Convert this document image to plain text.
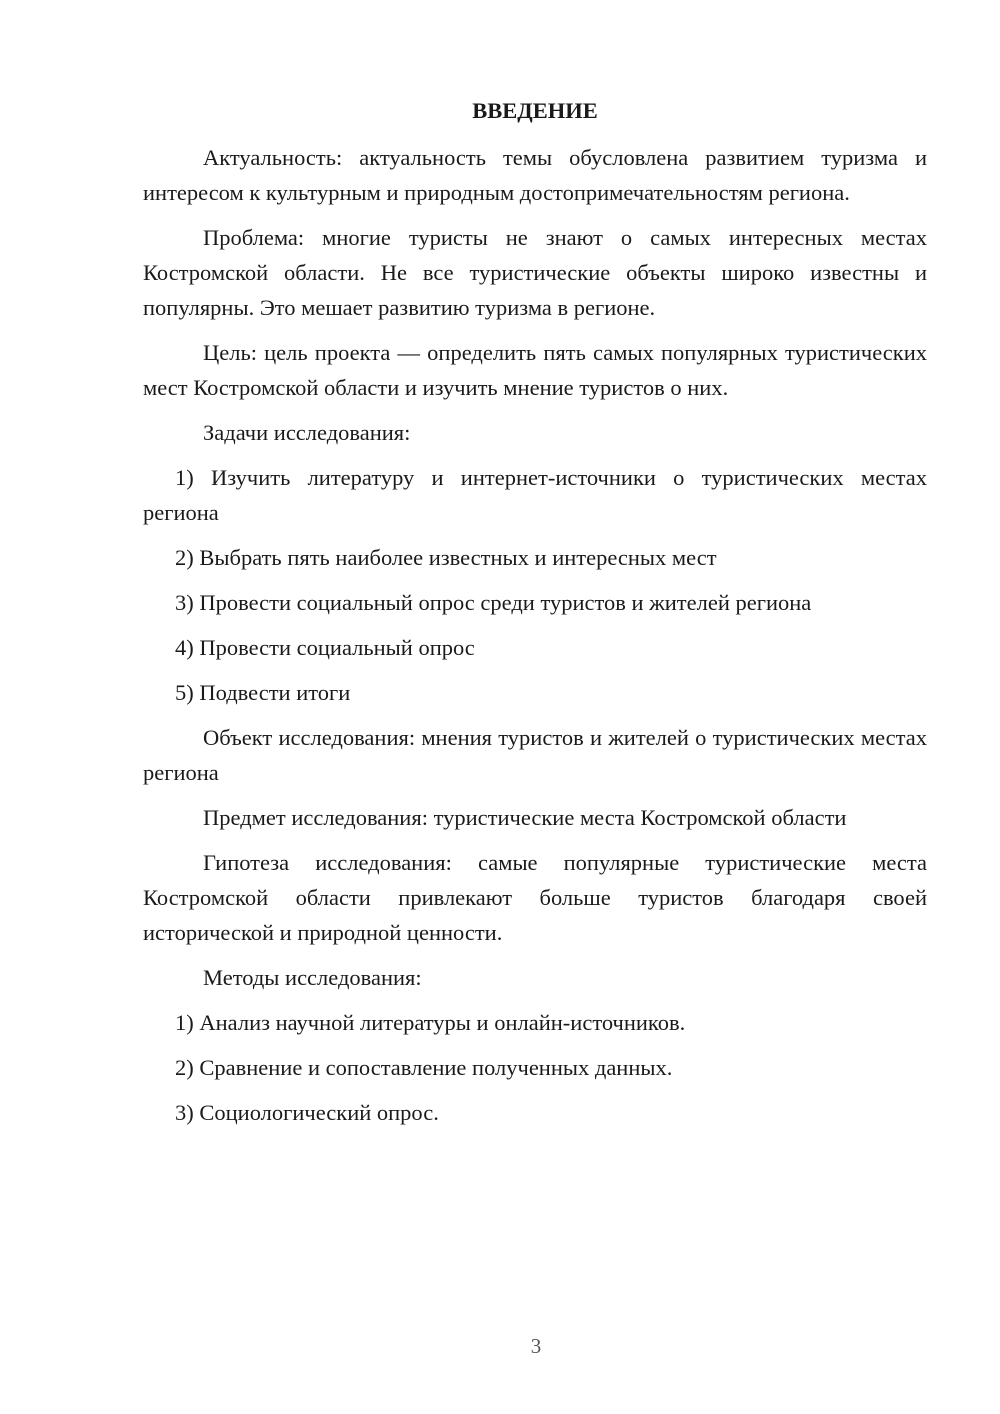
ВВЕДЕНИЕ
Актуальность: актуальность темы обусловлена развитием туризма и интересом к культурным и природным достопримечательностям региона.
Проблема: многие туристы не знают о самых интересных местах Костромской области. Не все туристические объекты широко известны и популярны. Это мешает развитию туризма в регионе.
Цель: цель проекта — определить пять самых популярных туристических мест Костромской области и изучить мнение туристов о них.
Задачи исследования:
1) Изучить литературу и интернет-источники о туристических местах региона
2) Выбрать пять наиболее известных и интересных мест
3) Провести социальный опрос среди туристов и жителей региона
4) Провести социальный опрос
5) Подвести итоги
Объект исследования: мнения туристов и жителей о туристических местах региона
Предмет исследования: туристические места Костромской области
Гипотеза исследования: самые популярные туристические места Костромской области привлекают больше туристов благодаря своей исторической и природной ценности.
Методы исследования:
1) Анализ научной литературы и онлайн-источников.
2) Сравнение и сопоставление полученных данных.
3) Социологический опрос.
3
